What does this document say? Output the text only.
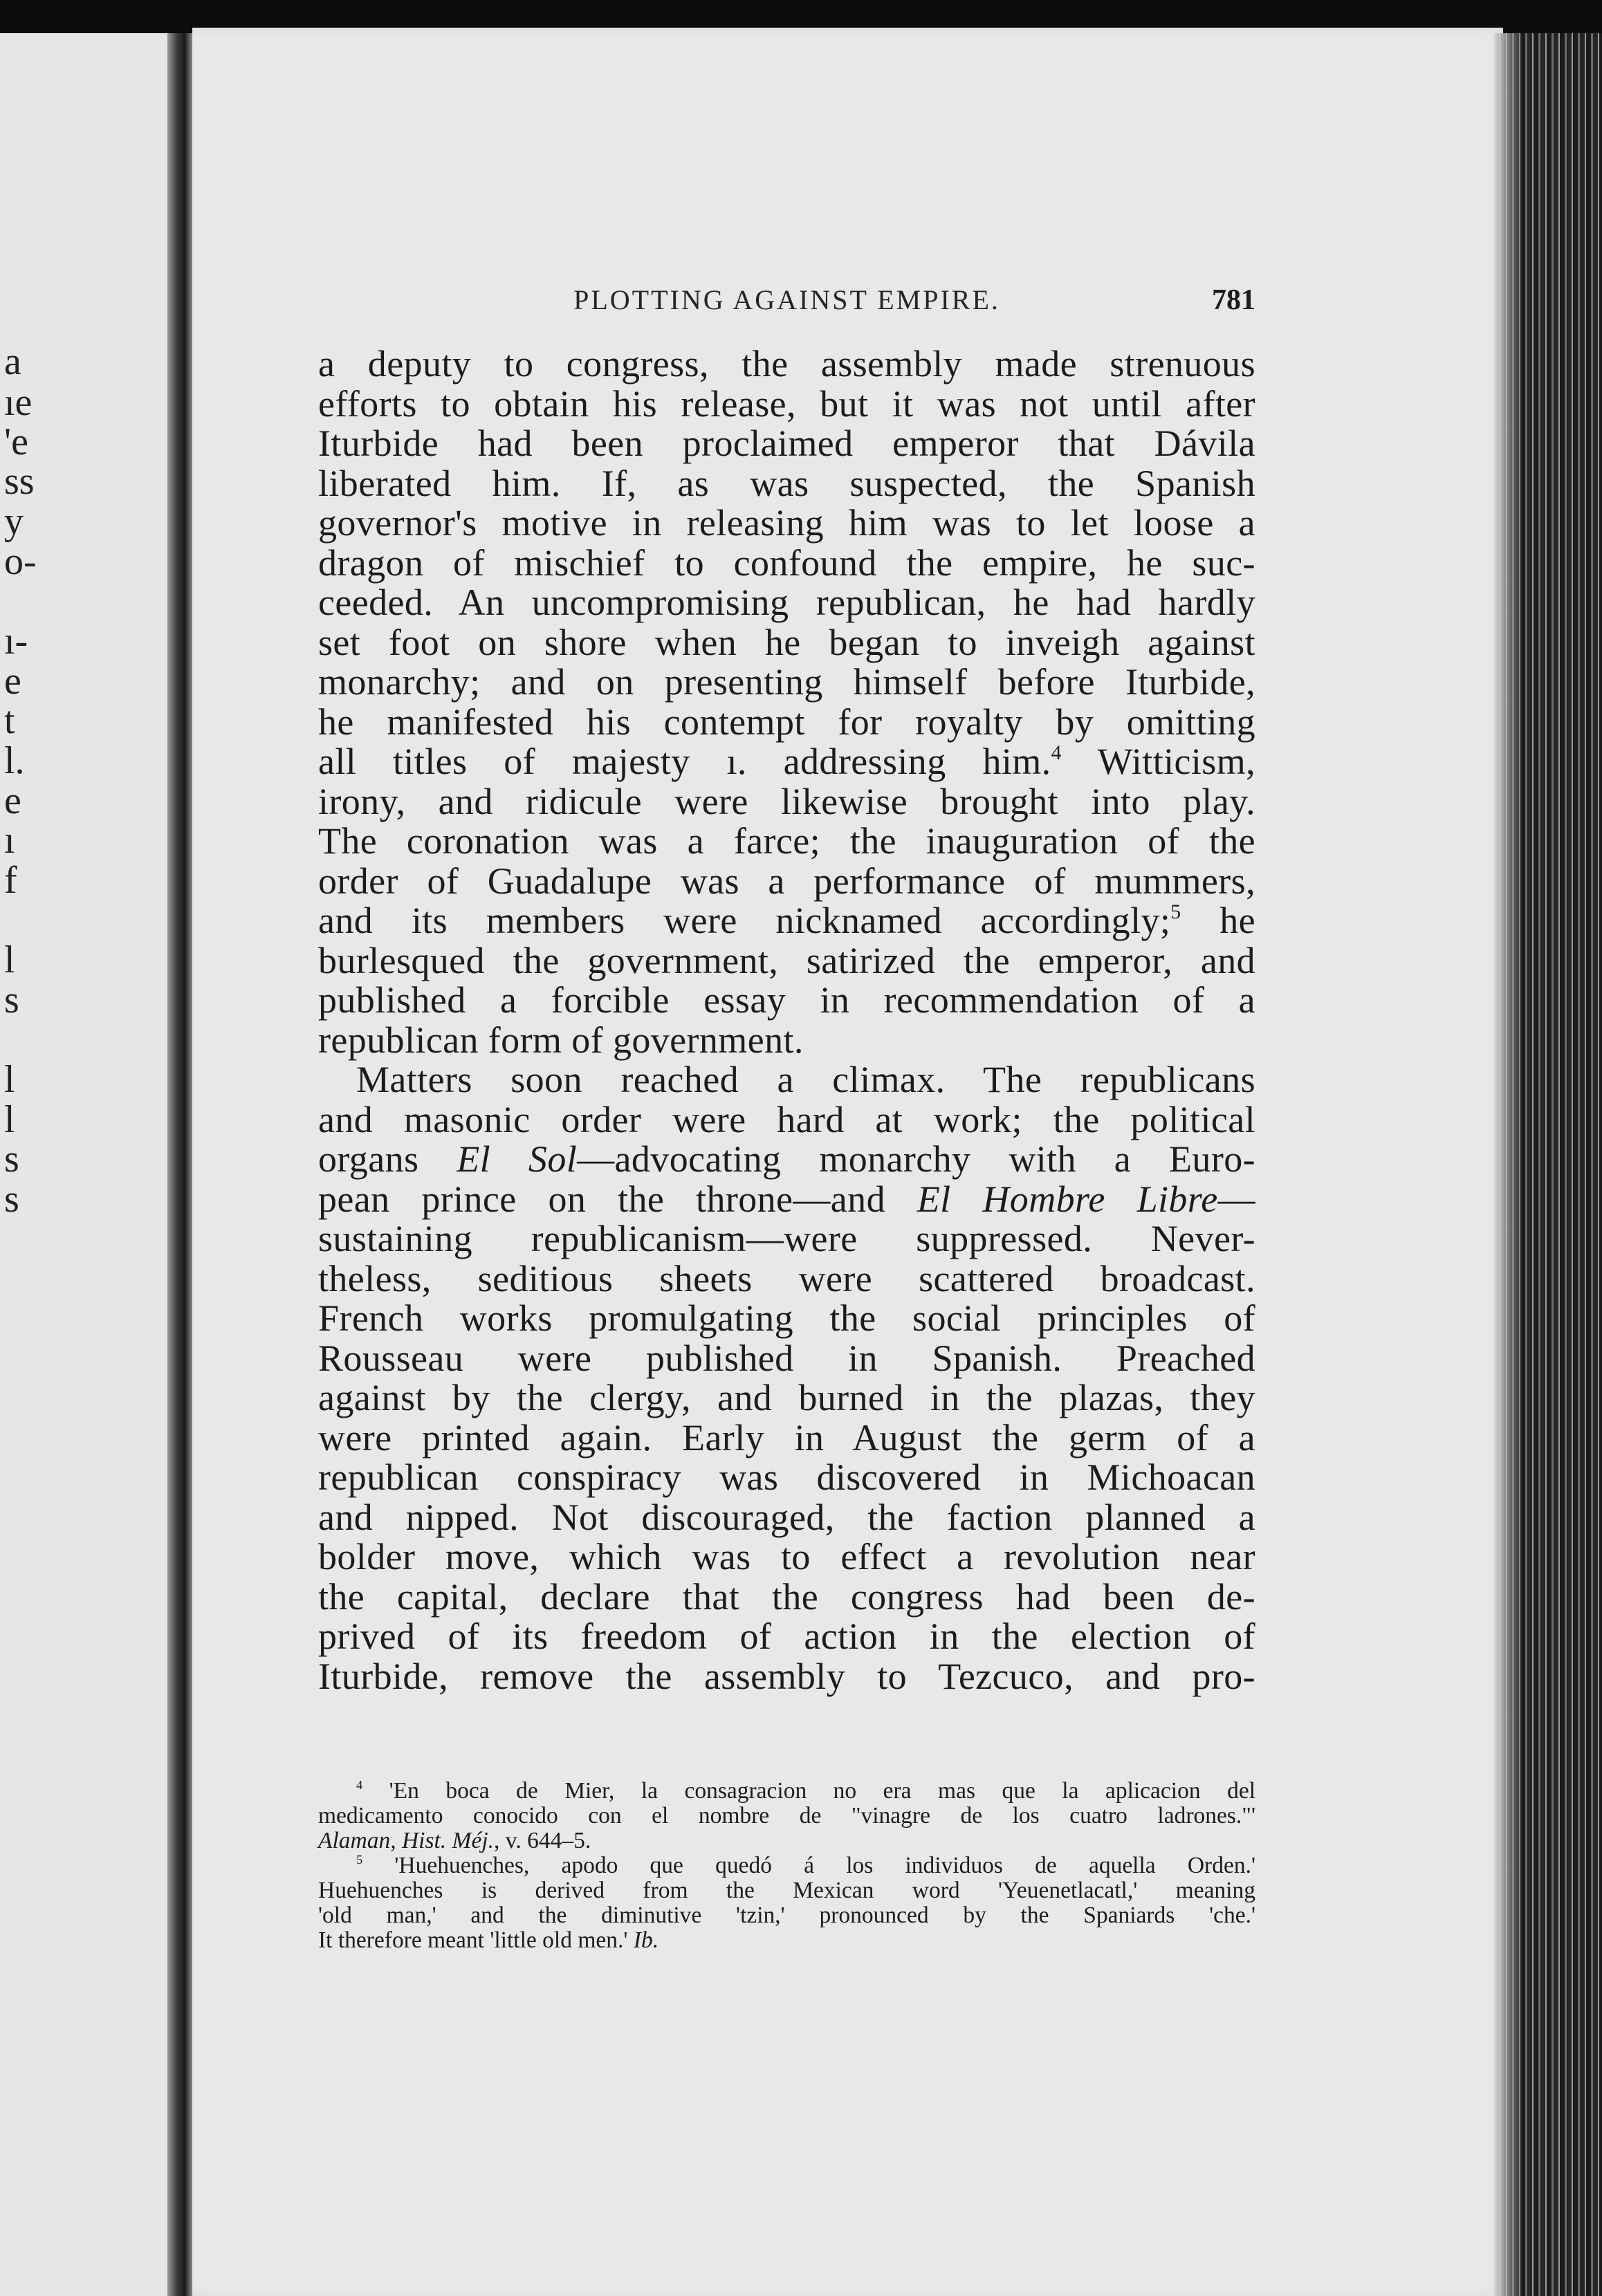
a
ıe
'e
ss
y
o-
ı-
e
t
l.
e
ı
f
l
s
l
l
s
s
PLOTTING AGAINST EMPIRE.	781
a deputy to congress, the assembly made strenuous
efforts to obtain his release, but it was not until after
Iturbide had been proclaimed emperor that Dávila
liberated him. If, as was suspected, the Spanish
governor's motive in releasing him was to let loose a
dragon of mischief to confound the empire, he suc-
ceeded. An uncompromising republican, he had hardly
set foot on shore when he began to inveigh against
monarchy; and on presenting himself before Iturbide,
he manifested his contempt for royalty by omitting
all titles of majesty ı. addressing him.$^4$ Witticism,
irony, and ridicule were likewise brought into play.
The coronation was a farce; the inauguration of the
order of Guadalupe was a performance of mummers,
and its members were nicknamed accordingly;$^5$ he
burlesqued the government, satirized the emperor, and
published a forcible essay in recommendation of a
republican form of government.
Matters soon reached a climax. The republicans
and masonic order were hard at work; the political
organs El Sol—advocating monarchy with a Euro-
pean prince on the throne—and El Hombre Libre—
sustaining republicanism—were suppressed. Never-
theless, seditious sheets were scattered broadcast.
French works promulgating the social principles of
Rousseau were published in Spanish. Preached
against by the clergy, and burned in the plazas, they
were printed again. Early in August the germ of a
republican conspiracy was discovered in Michoacan
and nipped. Not discouraged, the faction planned a
bolder move, which was to effect a revolution near
the capital, declare that the congress had been de-
prived of its freedom of action in the election of
Iturbide, remove the assembly to Tezcuco, and pro-
$^4$ 'En boca de Mier, la consagracion no era mas que la aplicacion del
medicamento conocido con el nombre de "vinagre de los cuatro ladrones."'
Alaman, Hist. Méj., v. 644–5.
$^5$ 'Huehuenches, apodo que quedó á los individuos de aquella Orden.'
Huehuenches is derived from the Mexican word 'Yeuenetlacatl,' meaning
'old man,' and the diminutive 'tzin,' pronounced by the Spaniards 'che.'
It therefore meant 'little old men.' Ib.
